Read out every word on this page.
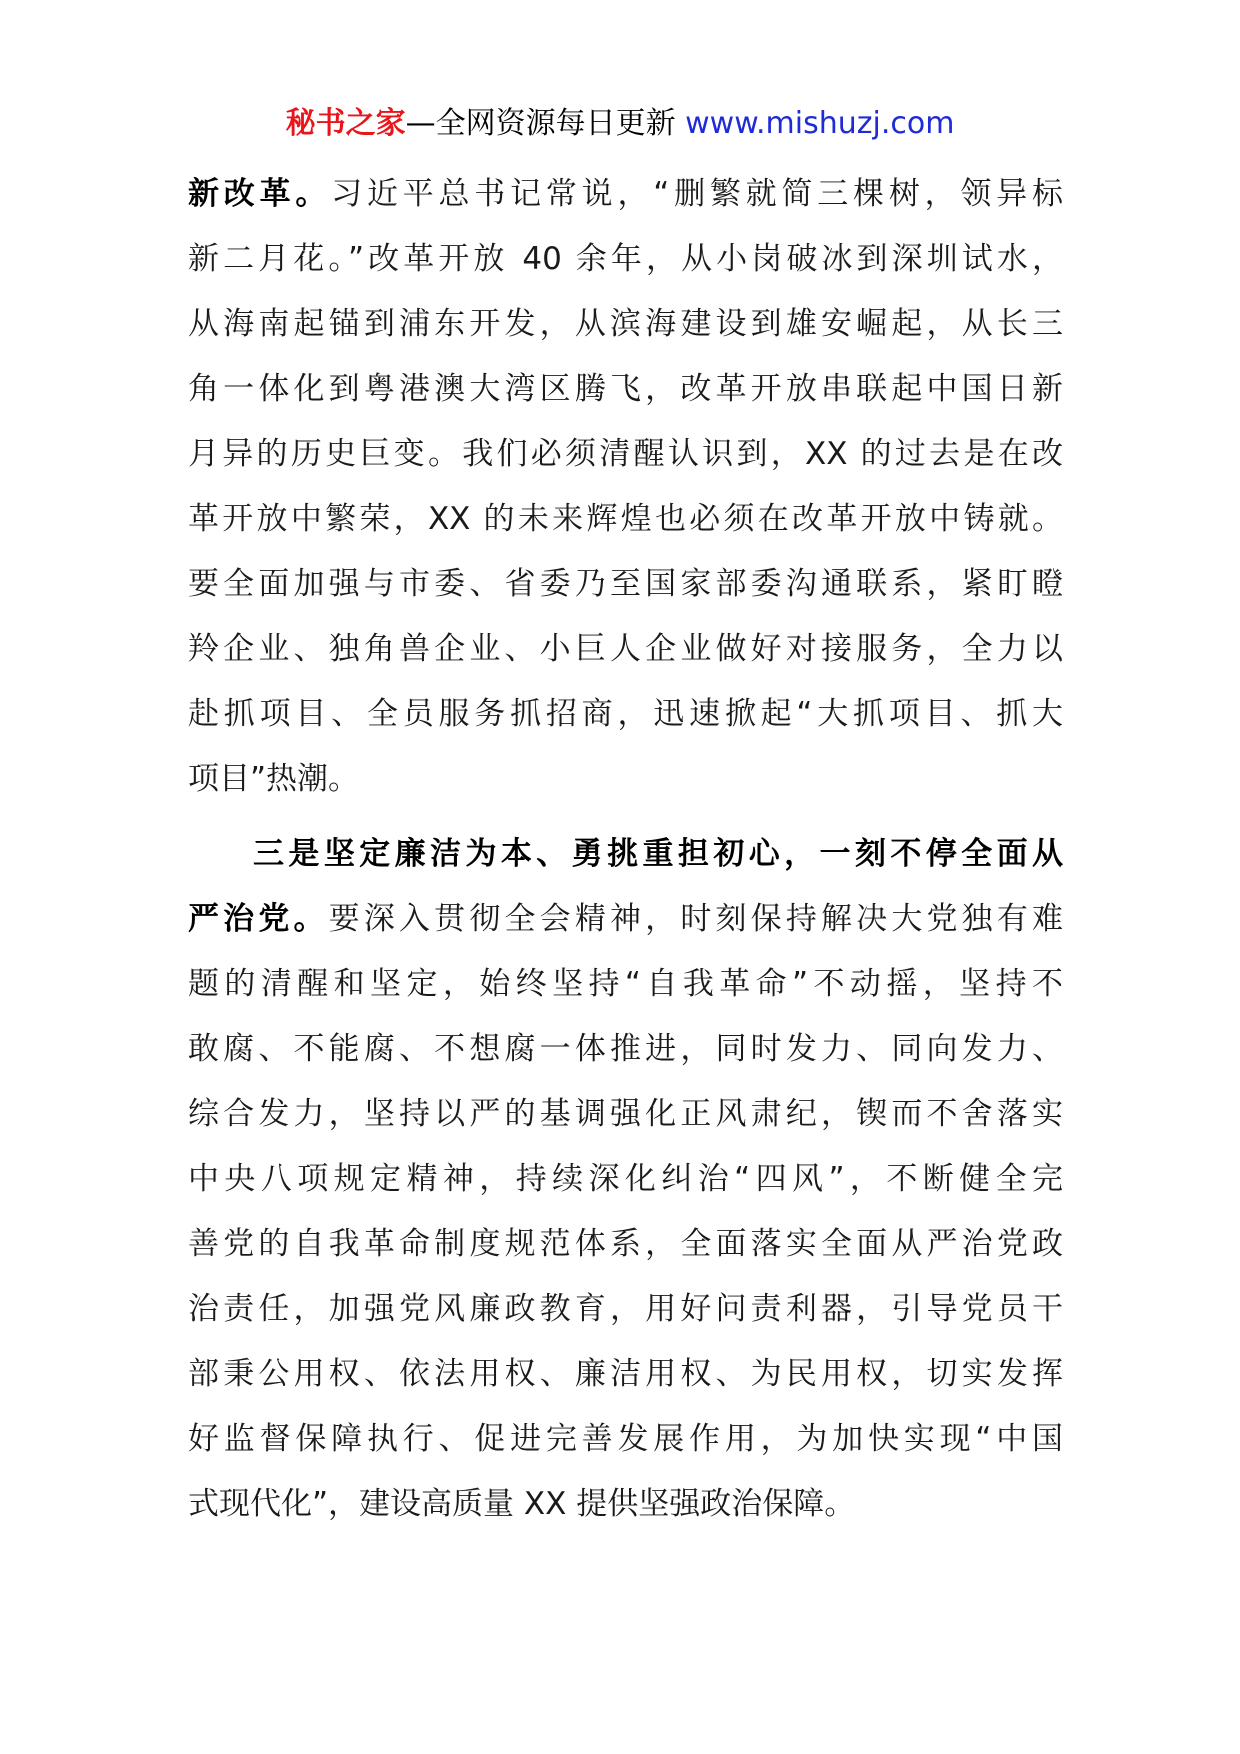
秘书之家—全网资源每日更新 www.mishuzj.com
新改革。习近平总书记常说，“删繁就简三棵树，领异标
新二月花。”改革开放 40 余年，从小岗破冰到深圳试水，
从海南起锚到浦东开发，从滨海建设到雄安崛起，从长三
角一体化到粤港澳大湾区腾飞，改革开放串联起中国日新
月异的历史巨变。我们必须清醒认识到，XX 的过去是在改
革开放中繁荣，XX 的未来辉煌也必须在改革开放中铸就。
要全面加强与市委、省委乃至国家部委沟通联系，紧盯瞪
羚企业、独角兽企业、小巨人企业做好对接服务，全力以
赴抓项目、全员服务抓招商，迅速掀起“大抓项目、抓大
项目”热潮。
三是坚定廉洁为本、勇挑重担初心，一刻不停全面从
严治党。要深入贯彻全会精神，时刻保持解决大党独有难
题的清醒和坚定，始终坚持“自我革命”不动摇，坚持不
敢腐、不能腐、不想腐一体推进，同时发力、同向发力、
综合发力，坚持以严的基调强化正风肃纪，锲而不舍落实
中央八项规定精神，持续深化纠治“四风”，不断健全完
善党的自我革命制度规范体系，全面落实全面从严治党政
治责任，加强党风廉政教育，用好问责利器，引导党员干
部秉公用权、依法用权、廉洁用权、为民用权，切实发挥
好监督保障执行、促进完善发展作用，为加快实现“中国
式现代化”，建设高质量 XX 提供坚强政治保障。
